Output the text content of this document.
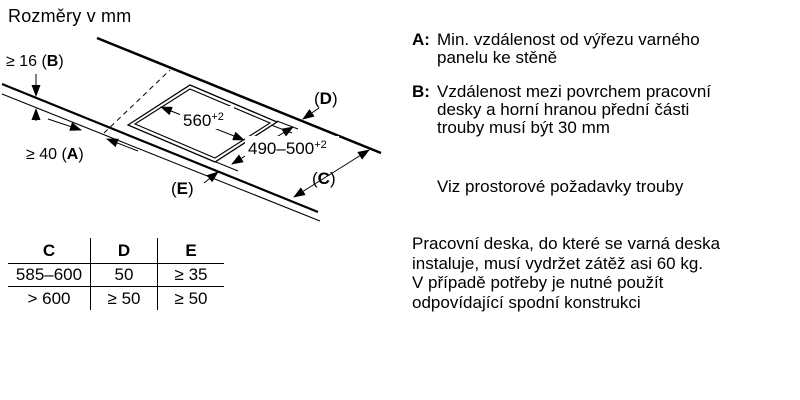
Rozměry v mm
≥ 16 (B)
≥ 40 (A)
(E)
(D)
(C)
$560^{+2}$
$490-500^{+2}$
C	D	E
585–600	50	≥ 35
> 600	≥ 50	≥ 50
A: Min. vzdálenost od výřezu varného
panelu ke stěně
B: Vzdálenost mezi povrchem pracovní
desky a horní hranou přední části
trouby musí být 30 mm
Viz prostorové požadavky trouby
Pracovní deska, do které se varná deska
instaluje, musí vydržet zátěž asi 60 kg.
V případě potřeby je nutné použít
odpovídající spodní konstrukci
